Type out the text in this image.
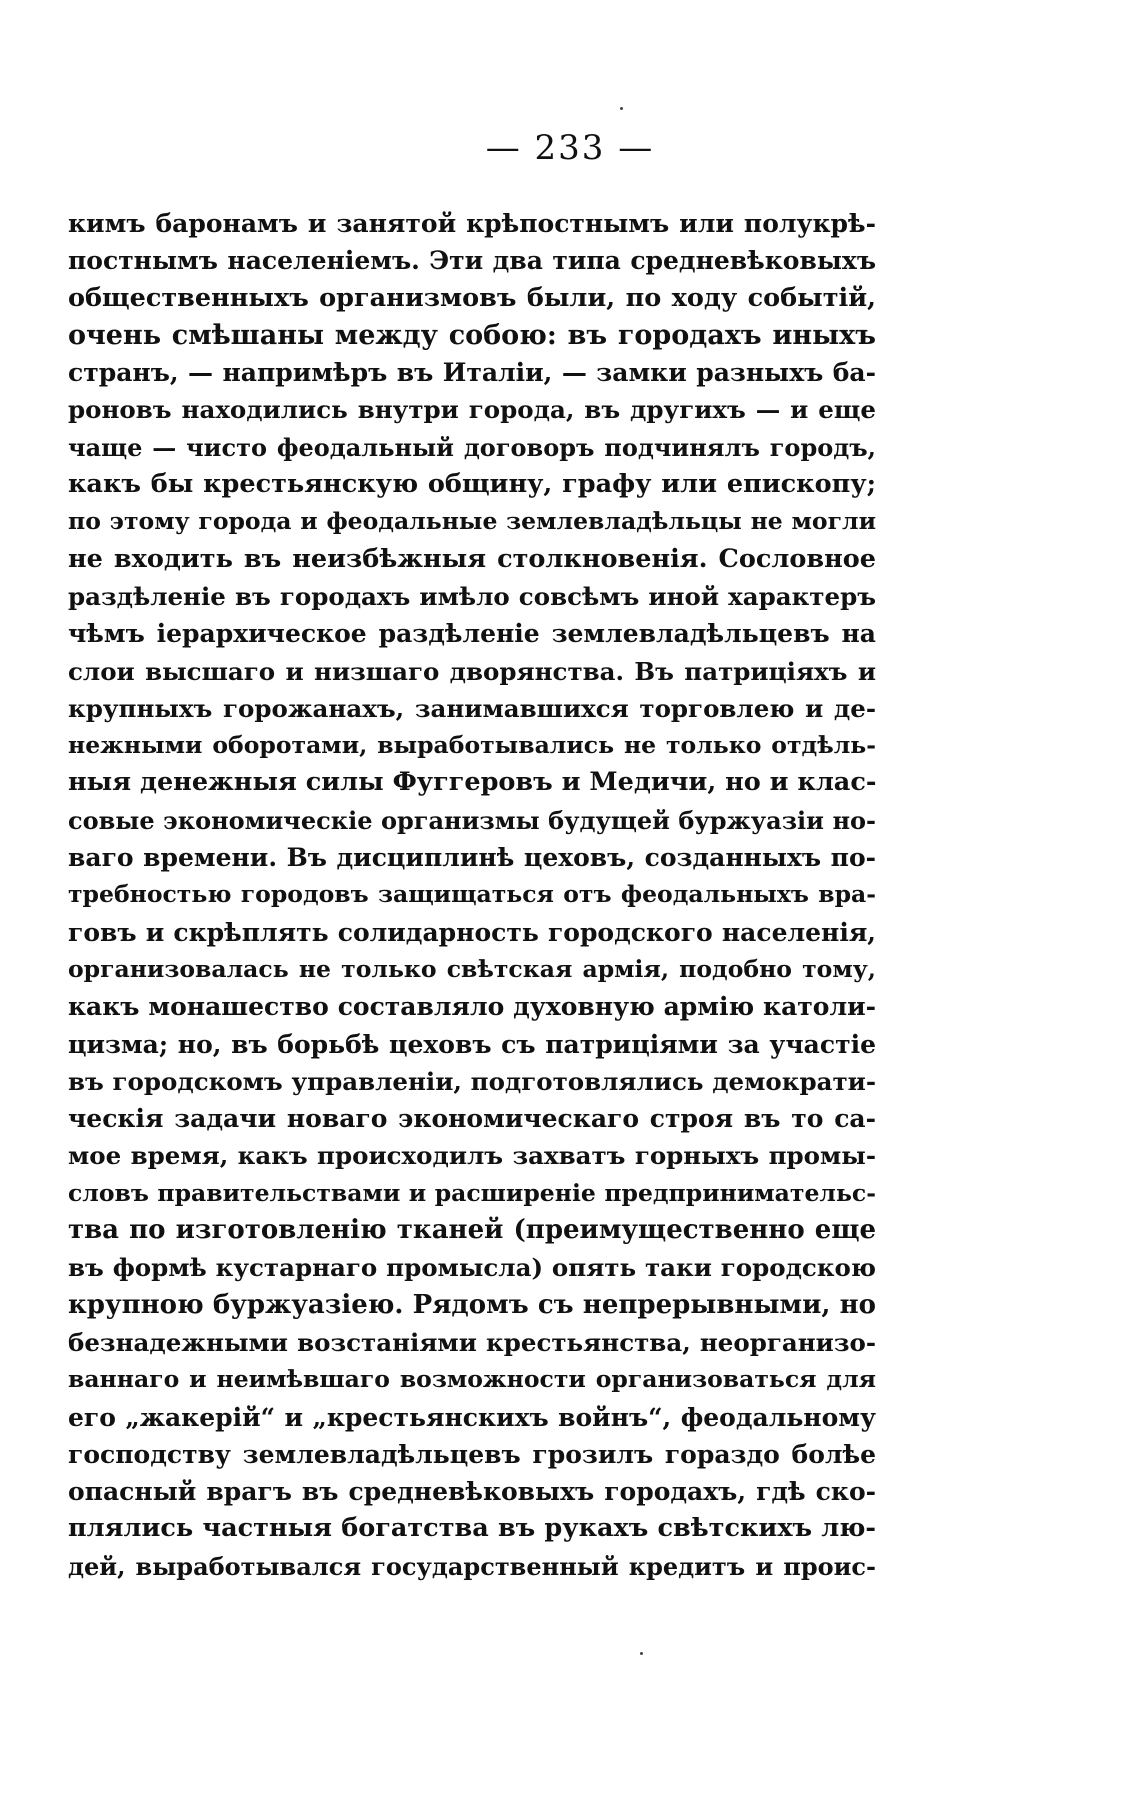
— 233 —
кимъ баронамъ и занятой крѣпостнымъ или полукрѣ-
постнымъ населеніемъ. Эти два типа средневѣковыхъ
общественныхъ организмовъ были, по ходу событій,
очень смѣшаны между собою: въ городахъ иныхъ
странъ, — напримѣръ въ Италіи, — замки разныхъ ба-
роновъ находились внутри города, въ другихъ — и еще
чаще — чисто феодальный договоръ подчинялъ городъ,
какъ бы крестьянскую общину, графу или епископу;
по этому города и феодальные землевладѣльцы не могли
не входить въ неизбѣжныя столкновенія. Сословное
раздѣленіе въ городахъ имѣло совсѣмъ иной характеръ
чѣмъ іерархическое раздѣленіе землевладѣльцевъ на
слои высшаго и низшаго дворянства. Въ патриціяхъ и
крупныхъ горожанахъ, занимавшихся торговлею и де-
нежными оборотами, выработывались не только отдѣль-
ныя денежныя силы Фуггеровъ и Медичи, но и клас-
совые экономическіе организмы будущей буржуазіи но-
ваго времени. Въ дисциплинѣ цеховъ, созданныхъ по-
требностью городовъ защищаться отъ феодальныхъ вра-
говъ и скрѣплять солидарность городского населенія,
организовалась не только свѣтская армія, подобно тому,
какъ монашество составляло духовную армію католи-
цизма; но, въ борьбѣ цеховъ съ патриціями за участіе
въ городскомъ управленіи, подготовлялись демократи-
ческія задачи новаго экономическаго строя въ то са-
мое время, какъ происходилъ захватъ горныхъ промы-
словъ правительствами и расширеніе предпринимательс-
тва по изготовленію тканей (преимущественно еще
въ формѣ кустарнаго промысла) опять таки городскою
крупною буржуазіею. Рядомъ съ непрерывными, но
безнадежными возстаніями крестьянства, неорганизо-
ваннаго и неимѣвшаго возможности организоваться для
его „жакерій“ и „крестьянскихъ войнъ“, феодальному
господству землевладѣльцевъ грозилъ гораздо болѣе
опасный врагъ въ средневѣковыхъ городахъ, гдѣ ско-
плялись частныя богатства въ рукахъ свѣтскихъ лю-
дей, выработывался государственный кредитъ и проис-
